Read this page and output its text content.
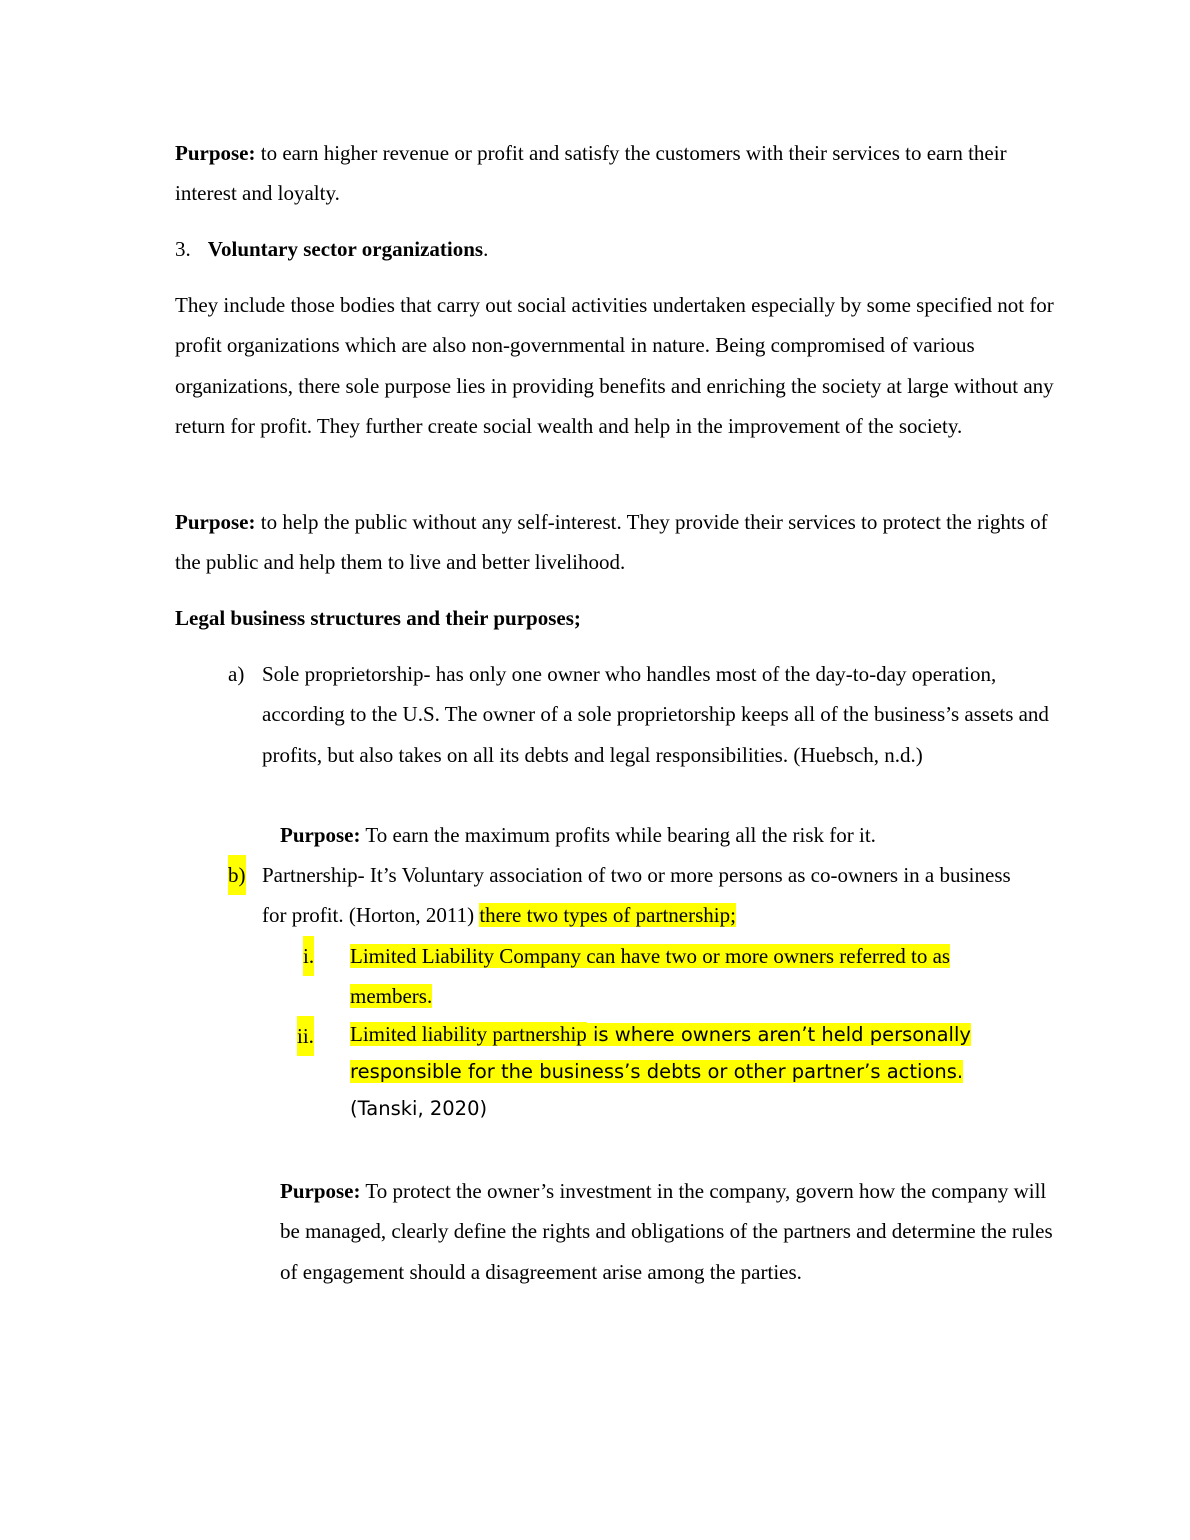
Purpose: to earn higher revenue or profit and satisfy the customers with their services to earn their interest and loyalty.

3. Voluntary sector organizations.

They include those bodies that carry out social activities undertaken especially by some specified not for profit organizations which are also non-governmental in nature. Being compromised of various organizations, there sole purpose lies in providing benefits and enriching the society at large without any return for profit. They further create social wealth and help in the improvement of the society.

Purpose: to help the public without any self-interest. They provide their services to protect the rights of the public and help them to live and better livelihood.

Legal business structures and their purposes;
a) Sole proprietorship- has only one owner who handles most of the day-to-day operation, according to the U.S. The owner of a sole proprietorship keeps all of the business’s assets and profits, but also takes on all its debts and legal responsibilities. (Huebsch, n.d.)

Purpose: To earn the maximum profits while bearing all the risk for it.

b) Partnership- It’s Voluntary association of two or more persons as co-owners in a business for profit. (Horton, 2011) there two types of partnership;

i. Limited Liability Company can have two or more owners referred to as members.

ii. Limited liability partnership is where owners aren’t held personally responsible for the business’s debts or other partner’s actions.
(Tanski, 2020)

Purpose: To protect the owner’s investment in the company, govern how the company will be managed, clearly define the rights and obligations of the partners and determine the rules of engagement should a disagreement arise among the parties.
